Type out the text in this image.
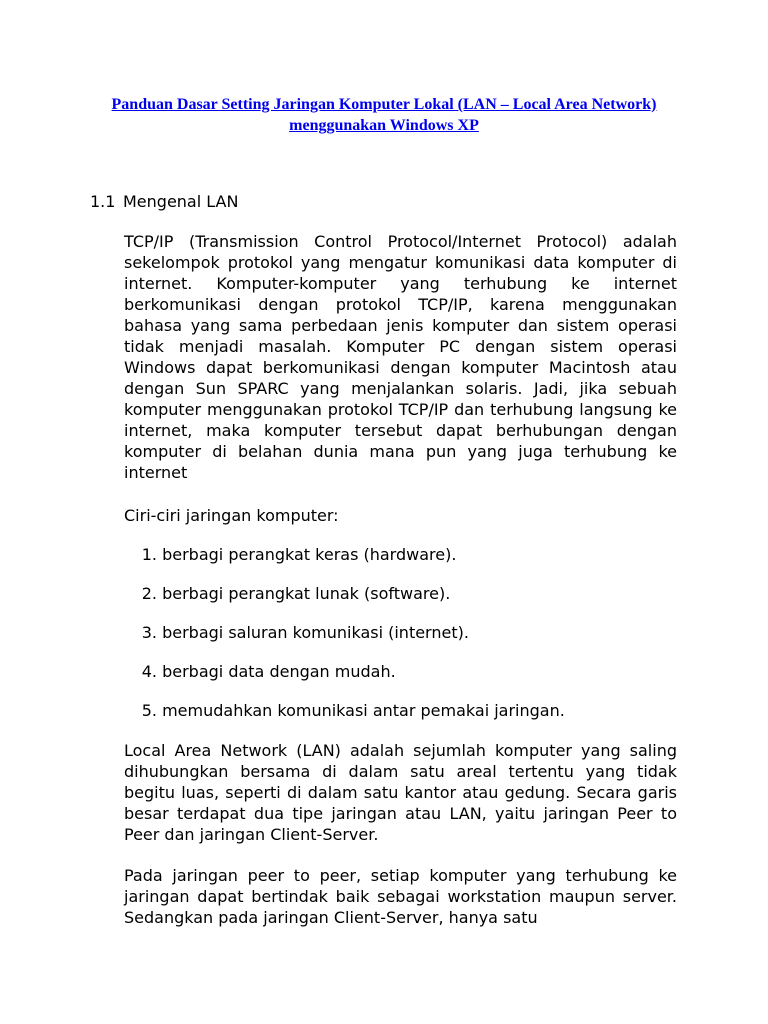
Panduan Dasar Setting Jaringan Komputer Lokal (LAN – Local Area Network) menggunakan Windows XP

1.1 Mengenal LAN

TCP/IP (Transmission Control Protocol/Internet Protocol) adalah sekelompok protokol yang mengatur komunikasi data komputer di internet. Komputer-komputer yang terhubung ke internet berkomunikasi dengan protokol TCP/IP, karena menggunakan bahasa yang sama perbedaan jenis komputer dan sistem operasi tidak menjadi masalah. Komputer PC dengan sistem operasi Windows dapat berkomunikasi dengan komputer Macintosh atau dengan Sun SPARC yang menjalankan solaris. Jadi, jika sebuah komputer menggunakan protokol TCP/IP dan terhubung langsung ke internet, maka komputer tersebut dapat berhubungan dengan komputer di belahan dunia mana pun yang juga terhubung ke internet

Ciri-ciri jaringan komputer:

1.
berbagi perangkat keras (hardware).
2.
berbagi perangkat lunak (software).
3.
berbagi saluran komunikasi (internet).
4.
berbagi data dengan mudah.
5.
memudahkan komunikasi antar pemakai jaringan.

Local Area Network (LAN) adalah sejumlah komputer yang saling dihubungkan bersama di dalam satu areal tertentu yang tidak begitu luas, seperti di dalam satu kantor atau gedung. Secara garis besar terdapat dua tipe jaringan atau LAN, yaitu jaringan Peer to Peer dan jaringan Client-Server.

Pada jaringan peer to peer, setiap komputer yang terhubung ke jaringan dapat bertindak baik sebagai workstation maupun server. Sedangkan pada jaringan Client-Server, hanya satu
